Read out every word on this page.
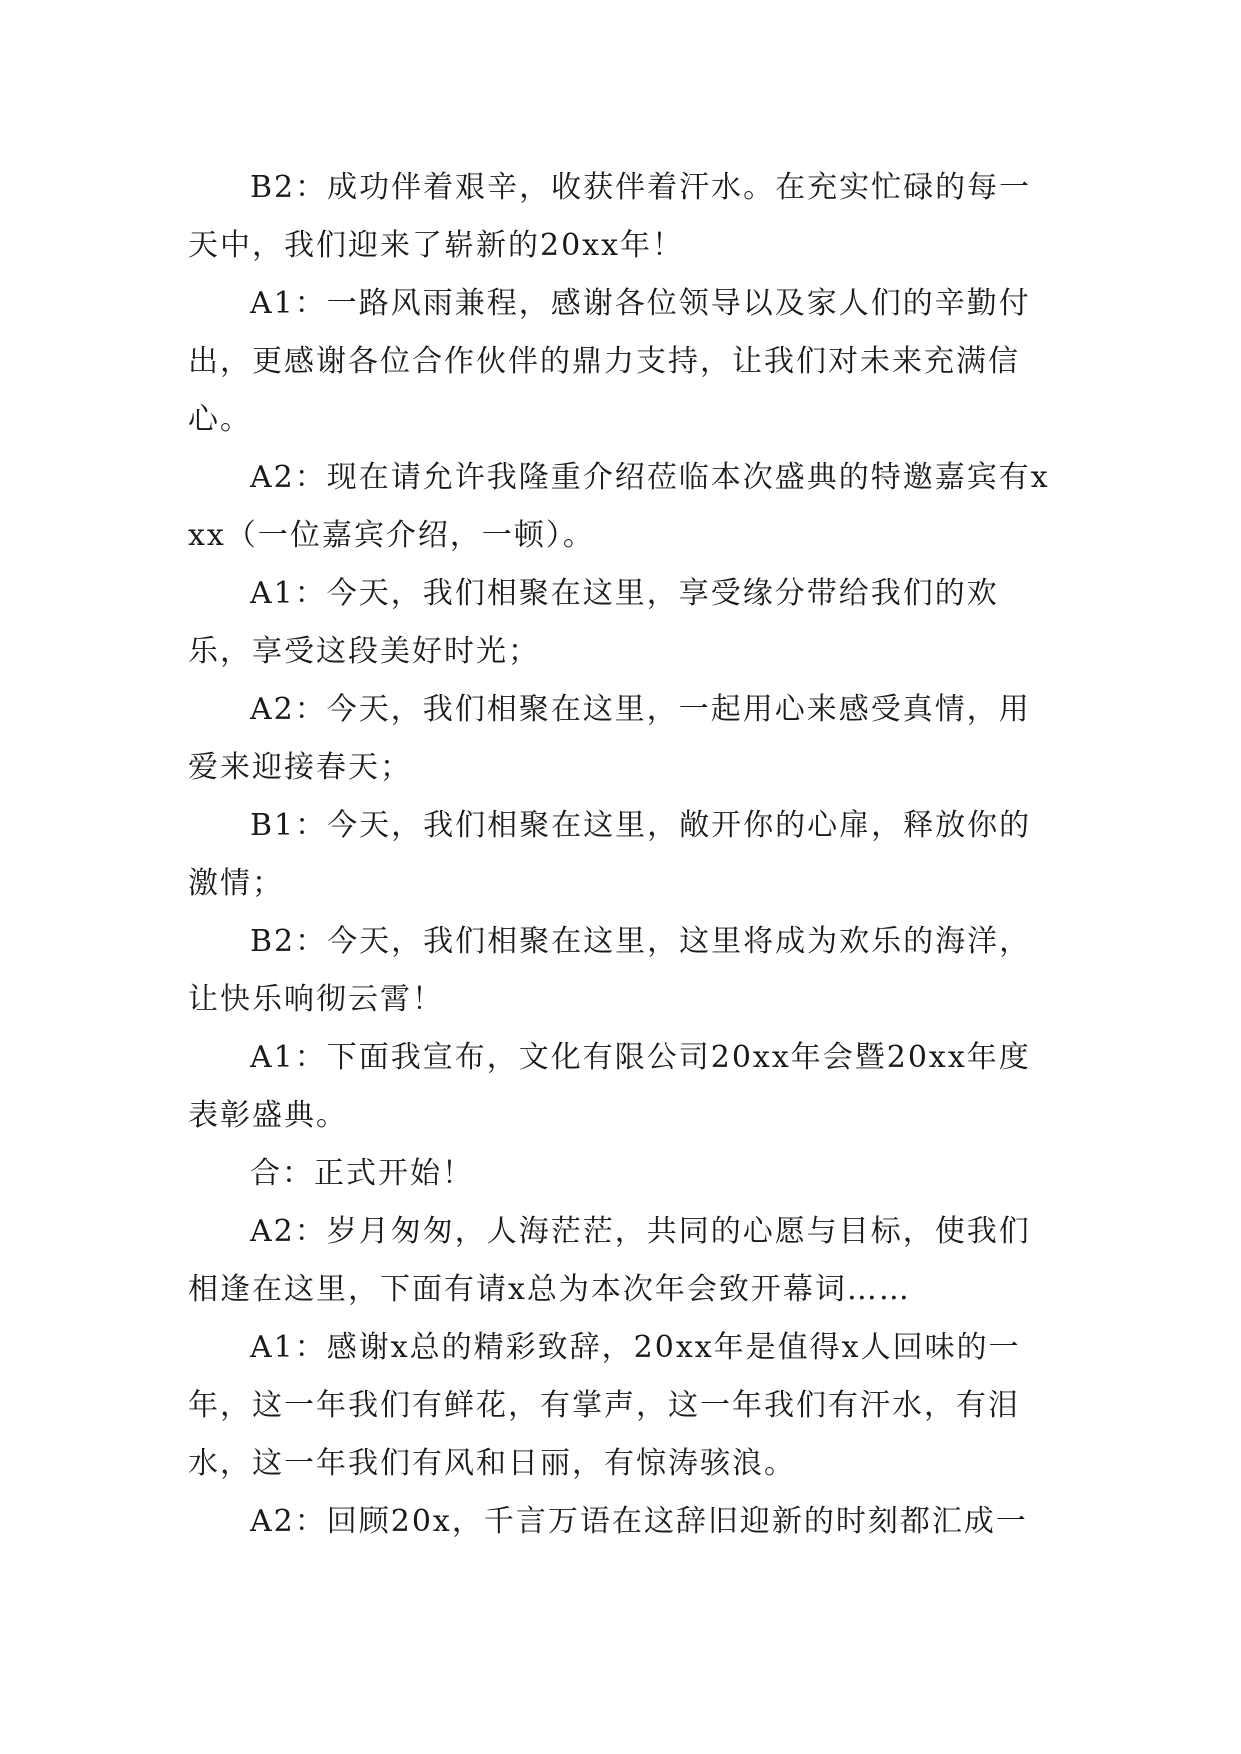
B2：成功伴着艰辛，收获伴着汗水。在充实忙碌的每一天中，我们迎来了崭新的20xx年！

A1：一路风雨兼程，感谢各位领导以及家人们的辛勤付出，更感谢各位合作伙伴的鼎力支持，让我们对未来充满信心。

A2：现在请允许我隆重介绍莅临本次盛典的特邀嘉宾有xxx（一位嘉宾介绍，一顿）。

A1：今天，我们相聚在这里，享受缘分带给我们的欢乐，享受这段美好时光；

A2：今天，我们相聚在这里，一起用心来感受真情，用爱来迎接春天；

B1：今天，我们相聚在这里，敞开你的心扉，释放你的激情；

B2：今天，我们相聚在这里，这里将成为欢乐的海洋，让快乐响彻云霄！

A1：下面我宣布，文化有限公司20xx年会暨20xx年度表彰盛典。

合：正式开始！

A2：岁月匆匆，人海茫茫，共同的心愿与目标，使我们相逢在这里，下面有请x总为本次年会致开幕词……

A1：感谢x总的精彩致辞，20xx年是值得x人回味的一年，这一年我们有鲜花，有掌声，这一年我们有汗水，有泪水，这一年我们有风和日丽，有惊涛骇浪。

A2：回顾20x，千言万语在这辞旧迎新的时刻都汇成一
